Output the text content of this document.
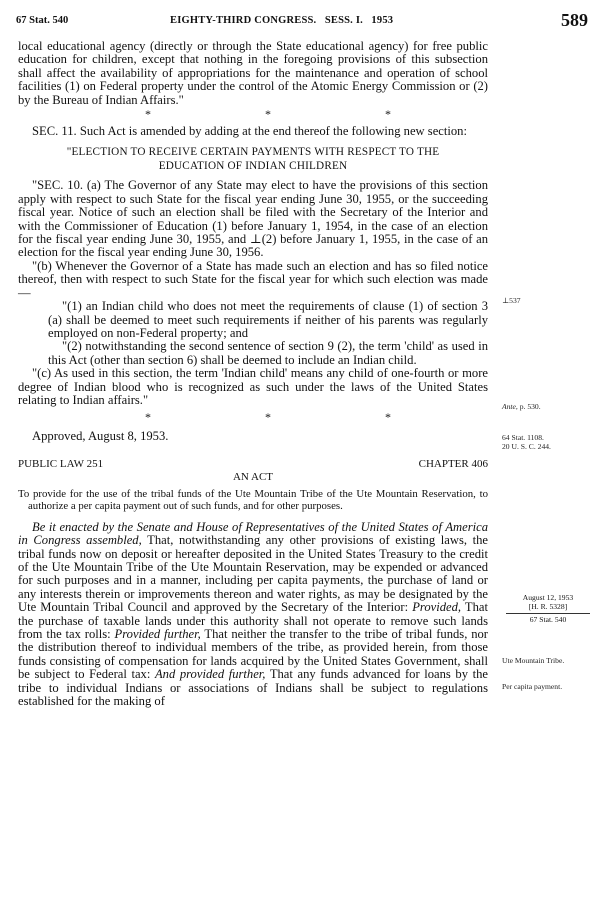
67 Stat. 540	EIGHTY-THIRD CONGRESS.   SESS. I.   1953	589

local educational agency (directly or through the State educational agency) for free public education for children, except that nothing in the foregoing provisions of this subsection shall affect the availability of appropriations for the maintenance and operation of school facilities (1) on Federal property under the control of the Atomic Energy Commission or (2) by the Bureau of Indian Affairs."

*	*	*

SEC. 11. Such Act is amended by adding at the end thereof the following new section:

"ELECTION TO RECEIVE CERTAIN PAYMENTS WITH RESPECT TO THE

EDUCATION OF INDIAN CHILDREN

"SEC. 10. (a) The Governor of any State may elect to have the provisions of this section apply with respect to such State for the fiscal year ending June 30, 1955, or the succeeding fiscal year. Notice of such an election shall be filed with the Secretary of the Interior and with the Commissioner of Education (1) before January 1, 1954, in the case of an election for the fiscal year ending June 30, 1955, and ⊥(2) before January 1, 1955, in the case of an election for the fiscal year ending June 30, 1956.

"(b) Whenever the Governor of a State has made such an election and has so filed notice thereof, then with respect to such State for the fiscal year for which such election was made—

"(1) an Indian child who does not meet the requirements of clause (1) of section 3 (a) shall be deemed to meet such requirements if neither of his parents was regularly employed on non-Federal property; and

"(2) notwithstanding the second sentence of section 9 (2), the term 'child' as used in this Act (other than section 6) shall be deemed to include an Indian child.

"(c) As used in this section, the term 'Indian child' means any child of one-fourth or more degree of Indian blood who is recognized as such under the laws of the United States relating to Indian affairs."

*	*	*

Approved, August 8, 1953.

PUBLIC LAW 251	CHAPTER 406
AN ACT

To provide for the use of the tribal funds of the Ute Mountain Tribe of the Ute Mountain Reservation, to authorize a per capita payment out of such funds, and for other purposes.

Be it enacted by the Senate and House of Representatives of the United States of America in Congress assembled, That, notwithstanding any other provisions of existing laws, the tribal funds now on deposit or hereafter deposited in the United States Treasury to the credit of the Ute Mountain Tribe of the Ute Mountain Reservation, may be expended or advanced for such purposes and in a manner, including per capita payments, the purchase of land or any interests therein or improvements thereon and water rights, as may be designated by the Ute Mountain Tribal Council and approved by the Secretary of the Interior: Provided, That the purchase of taxable lands under this authority shall not operate to remove such lands from the tax rolls: Provided further, That neither the transfer to the tribe of tribal funds, nor the distribution thereof to individual members of the tribe, as provided herein, from those funds consisting of compensation for lands acquired by the United States Government, shall be subject to Federal tax: And provided further, That any funds advanced for loans by the tribe to individual Indians or associations of Indians shall be subject to regulations established for the making of

⊥537
Ante, p. 530.
64 Stat. 1108.
20 U. S. C. 244.
August 12, 1953
[H. R. 5328]
67 Stat. 540
Ute Mountain Tribe.
Per capita payment.
